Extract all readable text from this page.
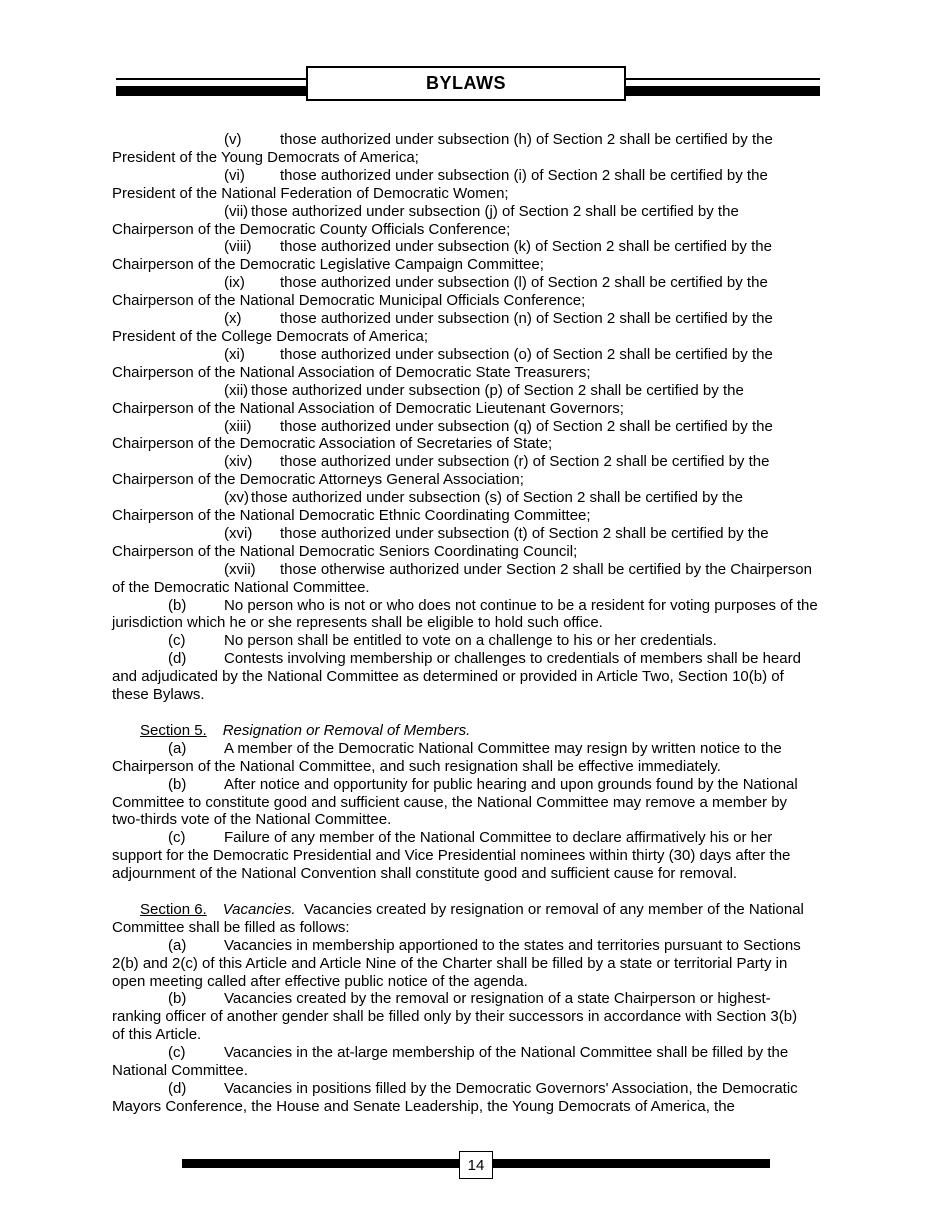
BYLAWS
(v)	those authorized under subsection (h) of Section 2 shall be certified by the
President of the Young Democrats of America;
(vi) those authorized under subsection (i) of Section 2 shall be certified by the
President of the National Federation of Democratic Women;
(vii) those authorized under subsection (j) of Section 2 shall be certified by the
Chairperson of the Democratic County Officials Conference;
(viii) those authorized under subsection (k) of Section 2 shall be certified by the
Chairperson of the Democratic Legislative Campaign Committee;
(ix) those authorized under subsection (l) of Section 2 shall be certified by the
Chairperson of the National Democratic Municipal Officials Conference;
(x)	those authorized under subsection (n) of Section 2 shall be certified by the
President of the College Democrats of America;
(xi) those authorized under subsection (o) of Section 2 shall be certified by the
Chairperson of the National Association of Democratic State Treasurers;
(xii) those authorized under subsection (p) of Section 2 shall be certified by the
Chairperson of the National Association of Democratic Lieutenant Governors;
(xiii) those authorized under subsection (q) of Section 2 shall be certified by the
Chairperson of the Democratic Association of Secretaries of State;
(xiv) those authorized under subsection (r) of Section 2 shall be certified by the
Chairperson of the Democratic Attorneys General Association;
(xv) those authorized under subsection (s) of Section 2 shall be certified by the
Chairperson of the National Democratic Ethnic Coordinating Committee;
(xvi) those authorized under subsection (t) of Section 2 shall be certified by the
Chairperson of the National Democratic Seniors Coordinating Council;
(xvii) those otherwise authorized under Section 2 shall be certified by the Chairperson
of the Democratic National Committee.
(b)	No person who is not or who does not continue to be a resident for voting purposes of the
jurisdiction which he or she represents shall be eligible to hold such office.
(c)	No person shall be entitled to vote on a challenge to his or her credentials.
(d)	Contests involving membership or challenges to credentials of members shall be heard
and adjudicated by the National Committee as determined or provided in Article Two, Section 10(b) of
these Bylaws.
Section 5. Resignation or Removal of Members.
(a)	A member of the Democratic National Committee may resign by written notice to the
Chairperson of the National Committee, and such resignation shall be effective immediately.
(b)	After notice and opportunity for public hearing and upon grounds found by the National
Committee to constitute good and sufficient cause, the National Committee may remove a member by
two-thirds vote of the National Committee.
(c)	Failure of any member of the National Committee to declare affirmatively his or her
support for the Democratic Presidential and Vice Presidential nominees within thirty (30) days after the
adjournment of the National Convention shall constitute good and sufficient cause for removal.
Section 6. Vacancies. Vacancies created by resignation or removal of any member of the National
Committee shall be filled as follows:
(a)	Vacancies in membership apportioned to the states and territories pursuant to Sections
2(b) and 2(c) of this Article and Article Nine of the Charter shall be filled by a state or territorial Party in
open meeting called after effective public notice of the agenda.
(b)	Vacancies created by the removal or resignation of a state Chairperson or highest-
ranking officer of another gender shall be filled only by their successors in accordance with Section 3(b)
of this Article.
(c)	Vacancies in the at-large membership of the National Committee shall be filled by the
National Committee.
(d)	Vacancies in positions filled by the Democratic Governors' Association, the Democratic
Mayors Conference, the House and Senate Leadership, the Young Democrats of America, the
14
